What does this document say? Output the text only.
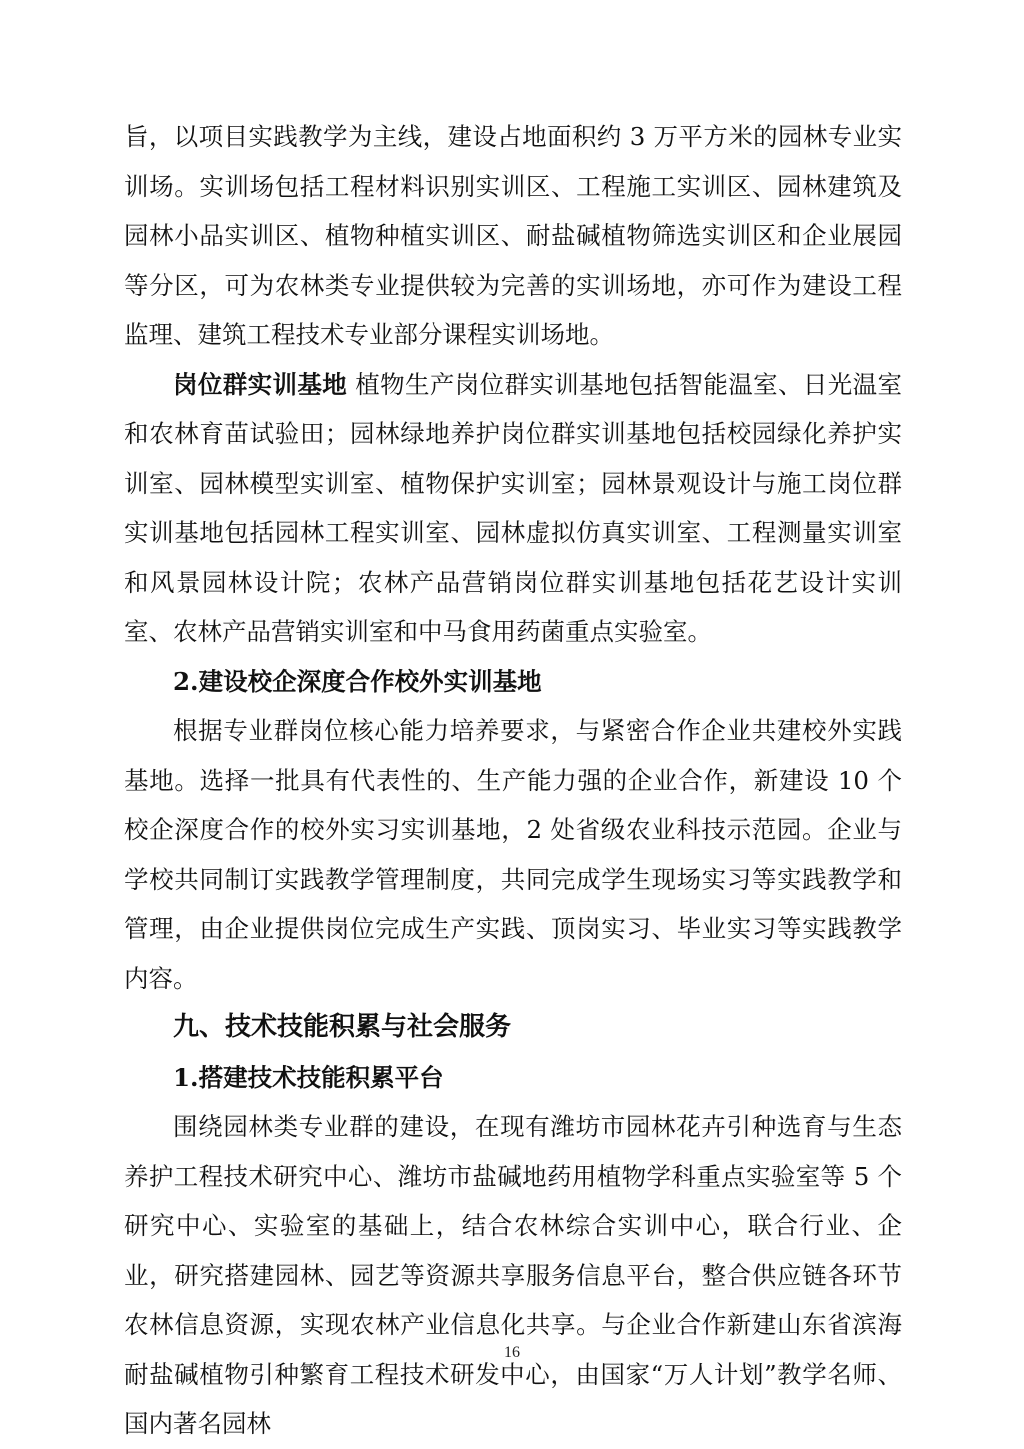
旨，以项目实践教学为主线，建设占地面积约 3 万平方米的园林专业实训场。实训场包括工程材料识别实训区、工程施工实训区、园林建筑及园林小品实训区、植物种植实训区、耐盐碱植物筛选实训区和企业展园等分区，可为农林类专业提供较为完善的实训场地，亦可作为建设工程监理、建筑工程技术专业部分课程实训场地。

岗位群实训基地 植物生产岗位群实训基地包括智能温室、日光温室和农林育苗试验田；园林绿地养护岗位群实训基地包括校园绿化养护实训室、园林模型实训室、植物保护实训室；园林景观设计与施工岗位群实训基地包括园林工程实训室、园林虚拟仿真实训室、工程测量实训室和风景园林设计院；农林产品营销岗位群实训基地包括花艺设计实训室、农林产品营销实训室和中马食用药菌重点实验室。

2.建设校企深度合作校外实训基地

根据专业群岗位核心能力培养要求，与紧密合作企业共建校外实践基地。选择一批具有代表性的、生产能力强的企业合作，新建设 10 个校企深度合作的校外实习实训基地，2 处省级农业科技示范园。企业与学校共同制订实践教学管理制度，共同完成学生现场实习等实践教学和管理，由企业提供岗位完成生产实践、顶岗实习、毕业实习等实践教学内容。

九、技术技能积累与社会服务

1.搭建技术技能积累平台

围绕园林类专业群的建设，在现有潍坊市园林花卉引种选育与生态养护工程技术研究中心、潍坊市盐碱地药用植物学科重点实验室等 5 个研究中心、实验室的基础上，结合农林综合实训中心，联合行业、企业，研究搭建园林、园艺等资源共享服务信息平台，整合供应链各环节农林信息资源，实现农林产业信息化共享。与企业合作新建山东省滨海耐盐碱植物引种繁育工程技术研发中心，由国家“万人计划”教学名师、国内著名园林

16
